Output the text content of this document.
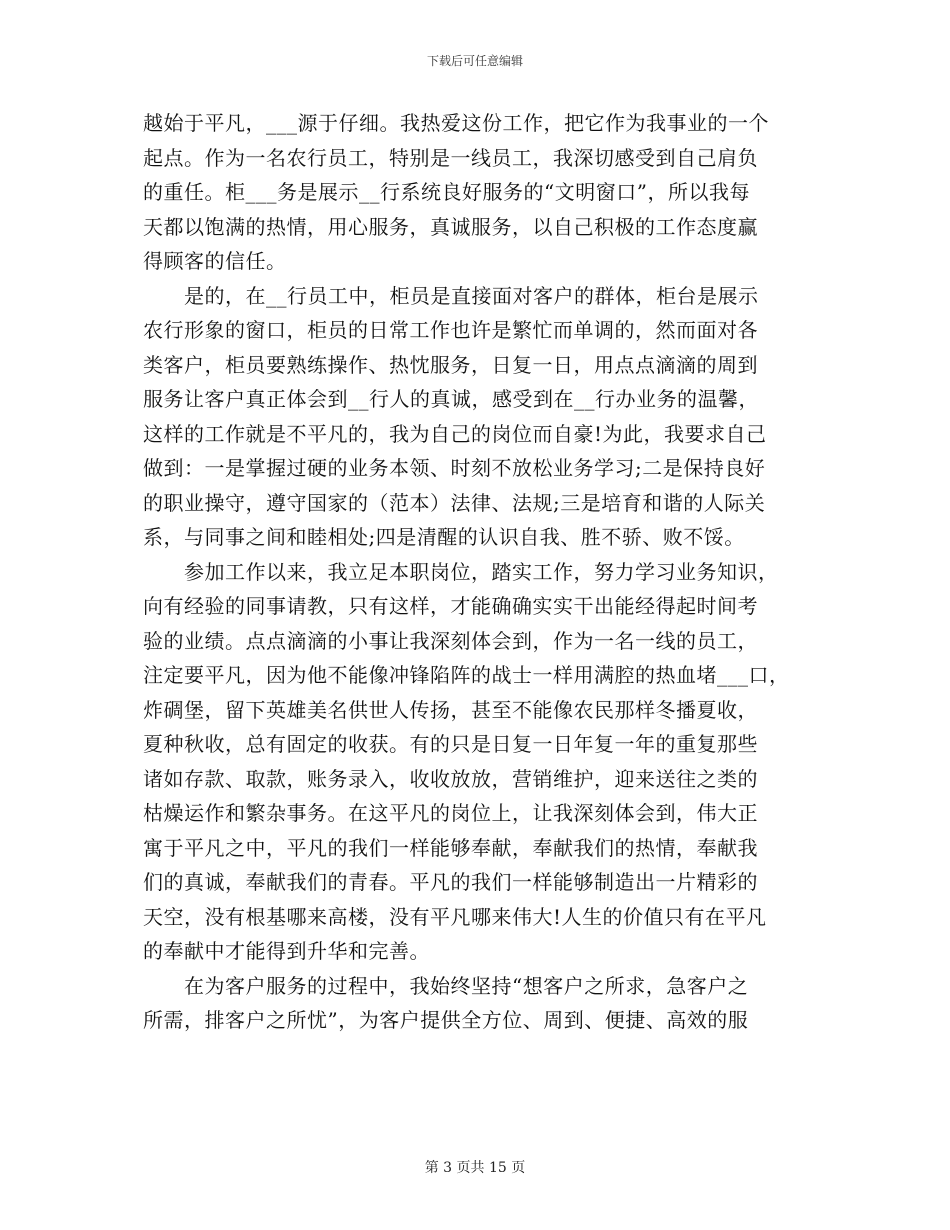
下载后可任意编辑

越始于平凡，___源于仔细。我热爱这份工作，把它作为我事业的一个
起点。作为一名农行员工，特别是一线员工，我深切感受到自己肩负
的重任。柜___务是展示__行系统良好服务的“文明窗口”，所以我每
天都以饱满的热情，用心服务，真诚服务，以自己积极的工作态度赢
得顾客的信任。

　　是的，在__行员工中，柜员是直接面对客户的群体，柜台是展示
农行形象的窗口，柜员的日常工作也许是繁忙而单调的，然而面对各
类客户，柜员要熟练操作、热忱服务，日复一日，用点点滴滴的周到
服务让客户真正体会到__行人的真诚，感受到在__行办业务的温馨，
这样的工作就是不平凡的，我为自己的岗位而自豪!为此，我要求自己
做到：一是掌握过硬的业务本领、时刻不放松业务学习;二是保持良好
的职业操守，遵守国家的（范本）法律、法规;三是培育和谐的人际关
系，与同事之间和睦相处;四是清醒的认识自我、胜不骄、败不馁。

　　参加工作以来，我立足本职岗位，踏实工作，努力学习业务知识，
向有经验的同事请教，只有这样，才能确确实实干出能经得起时间考
验的业绩。点点滴滴的小事让我深刻体会到，作为一名一线的员工，
注定要平凡，因为他不能像冲锋陷阵的战士一样用满腔的热血堵___口，
炸碉堡，留下英雄美名供世人传扬，甚至不能像农民那样冬播夏收，
夏种秋收，总有固定的收获。有的只是日复一日年复一年的重复那些
诸如存款、取款，账务录入，收收放放，营销维护，迎来送往之类的
枯燥运作和繁杂事务。在这平凡的岗位上，让我深刻体会到，伟大正
寓于平凡之中，平凡的我们一样能够奉献，奉献我们的热情，奉献我
们的真诚，奉献我们的青春。平凡的我们一样能够制造出一片精彩的
天空，没有根基哪来高楼，没有平凡哪来伟大!人生的价值只有在平凡
的奉献中才能得到升华和完善。

　　在为客户服务的过程中，我始终坚持“想客户之所求，急客户之
所需，排客户之所忧”，为客户提供全方位、周到、便捷、高效的服

第 3 页共 15 页
